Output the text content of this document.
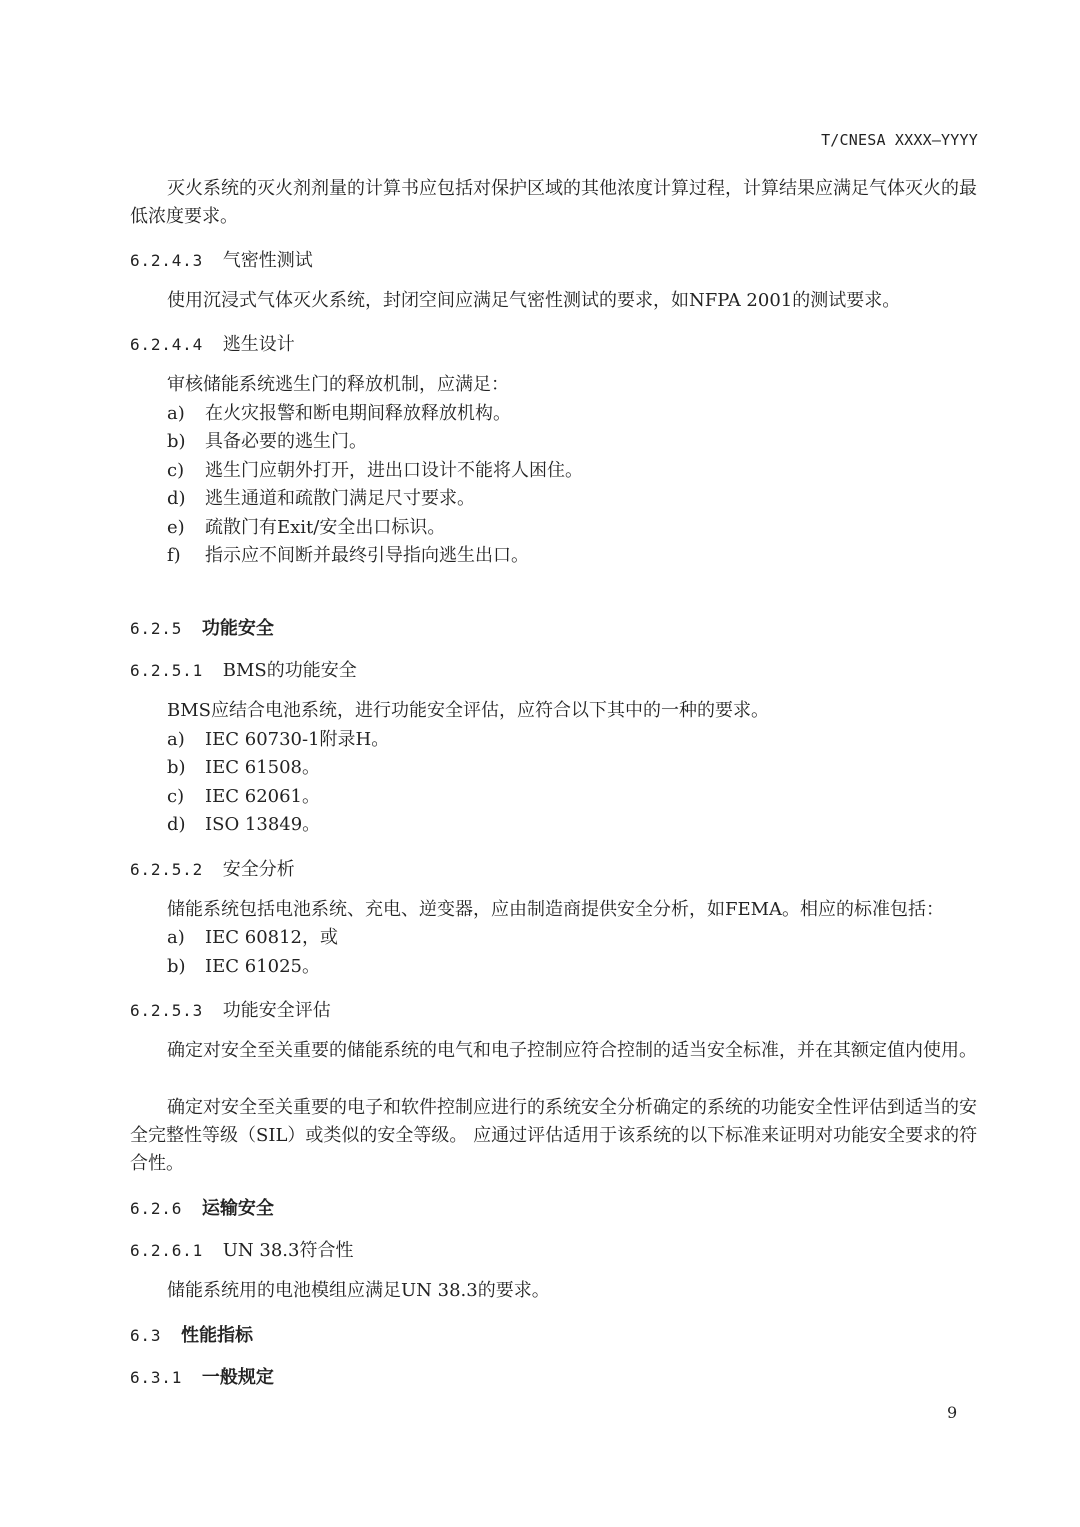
T/CNESA XXXX—YYYY
灭火系统的灭火剂剂量的计算书应包括对保护区域的其他浓度计算过程，计算结果应满足气体灭火的最低浓度要求。
6.2.4.3 气密性测试
使用沉浸式气体灭火系统，封闭空间应满足气密性测试的要求，如NFPA 2001的测试要求。
6.2.4.4 逃生设计
审核储能系统逃生门的释放机制，应满足：
a) 在火灾报警和断电期间释放释放机构。
b) 具备必要的逃生门。
c) 逃生门应朝外打开，进出口设计不能将人困住。
d) 逃生通道和疏散门满足尺寸要求。
e) 疏散门有Exit/安全出口标识。
f) 指示应不间断并最终引导指向逃生出口。
6.2.5 功能安全
6.2.5.1 BMS的功能安全
BMS应结合电池系统，进行功能安全评估，应符合以下其中的一种的要求。
a) IEC 60730-1附录H。
b) IEC 61508。
c) IEC 62061。
d) ISO 13849。
6.2.5.2 安全分析
储能系统包括电池系统、充电、逆变器，应由制造商提供安全分析，如FEMA。相应的标准包括：
a) IEC 60812，或
b) IEC 61025。
6.2.5.3 功能安全评估
确定对安全至关重要的储能系统的电气和电子控制应符合控制的适当安全标准，并在其额定值内使用。
确定对安全至关重要的电子和软件控制应进行的系统安全分析确定的系统的功能安全性评估到适当的安全完整性等级（SIL）或类似的安全等级。 应通过评估适用于该系统的以下标准来证明对功能安全要求的符合性。
6.2.6 运输安全
6.2.6.1 UN 38.3符合性
储能系统用的电池模组应满足UN 38.3的要求。
6.3 性能指标
6.3.1 一般规定
9
